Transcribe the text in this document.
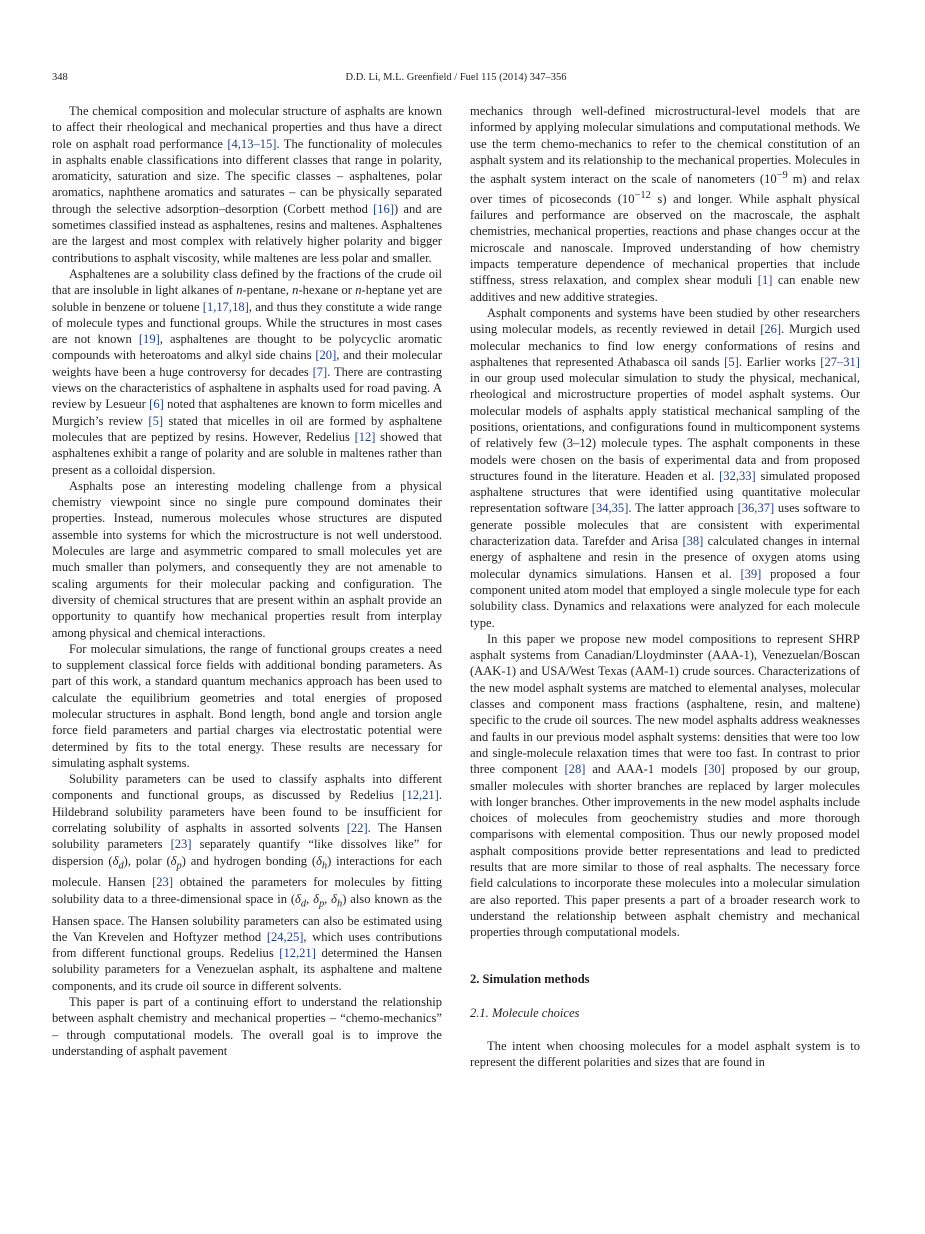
348	D.D. Li, M.L. Greenfield / Fuel 115 (2014) 347–356

The chemical composition and molecular structure of asphalts are known to affect their rheological and mechanical properties and thus have a direct role on asphalt road performance [4,13–15]. The functionality of molecules in asphalts enable classifications into different classes that range in polarity, aromaticity, saturation and size. The specific classes – asphaltenes, polar aromatics, naphthene aromatics and saturates – can be physically separated through the selective adsorption–desorption (Corbett method [16]) and are sometimes classified instead as asphaltenes, resins and maltenes. Asphaltenes are the largest and most complex with relatively higher polarity and bigger contributions to asphalt viscosity, while maltenes are less polar and smaller.

Asphaltenes are a solubility class defined by the fractions of the crude oil that are insoluble in light alkanes of n-pentane, n-hexane or n-heptane yet are soluble in benzene or toluene [1,17,18], and thus they constitute a wide range of molecule types and functional groups. While the structures in most cases are not known [19], asphaltenes are thought to be polycyclic aromatic compounds with heteroatoms and alkyl side chains [20], and their molecular weights have been a huge controversy for decades [7]. There are contrasting views on the characteristics of asphaltene in asphalts used for road paving. A review by Lesueur [6] noted that asphaltenes are known to form micelles and Murgich’s review [5] stated that micelles in oil are formed by asphaltene molecules that are peptized by resins. However, Redelius [12] showed that asphaltenes exhibit a range of polarity and are soluble in maltenes rather than present as a colloidal dispersion.

Asphalts pose an interesting modeling challenge from a physical chemistry viewpoint since no single pure compound dominates their properties. Instead, numerous molecules whose structures are disputed assemble into systems for which the microstructure is not well understood. Molecules are large and asymmetric compared to small molecules yet are much smaller than polymers, and consequently they are not amenable to scaling arguments for their molecular packing and configuration. The diversity of chemical structures that are present within an asphalt provide an opportunity to quantify how mechanical properties result from interplay among physical and chemical interactions.

For molecular simulations, the range of functional groups creates a need to supplement classical force fields with additional bonding parameters. As part of this work, a standard quantum mechanics approach has been used to calculate the equilibrium geometries and total energies of proposed molecular structures in asphalt. Bond length, bond angle and torsion angle force field parameters and partial charges via electrostatic potential were determined by fits to the total energy. These results are necessary for simulating asphalt systems.

Solubility parameters can be used to classify asphalts into different components and functional groups, as discussed by Redelius [12,21]. Hildebrand solubility parameters have been found to be insufficient for correlating solubility of asphalts in assorted solvents [22]. The Hansen solubility parameters [23] separately quantify “like dissolves like” for dispersion $(\delta_d)$, polar $(\delta_p)$ and hydrogen bonding $(\delta_h)$ interactions for each molecule. Hansen [23] obtained the parameters for molecules by fitting solubility data to a three-dimensional space in ($\delta_d$, $\delta_p$, $\delta_h$) also known as the Hansen space. The Hansen solubility parameters can also be estimated using the Van Krevelen and Hoftyzer method [24,25], which uses contributions from different functional groups. Redelius [12,21] determined the Hansen solubility parameters for a Venezuelan asphalt, its asphaltene and maltene components, and its crude oil source in different solvents.

This paper is part of a continuing effort to understand the relationship between asphalt chemistry and mechanical properties – “chemo-mechanics” – through computational models. The overall goal is to improve the understanding of asphalt pavement

mechanics through well-defined microstructural-level models that are informed by applying molecular simulations and computational methods. We use the term chemo-mechanics to refer to the chemical constitution of an asphalt system and its relationship to the mechanical properties. Molecules in the asphalt system interact on the scale of nanometers ($10^{-9}$ m) and relax over times of picoseconds ($10^{-12}$ s) and longer. While asphalt physical failures and performance are observed on the macroscale, the asphalt chemistries, mechanical properties, reactions and phase changes occur at the microscale and nanoscale. Improved understanding of how chemistry impacts temperature dependence of mechanical properties that include stiffness, stress relaxation, and complex shear moduli [1] can enable new additives and new additive strategies.

Asphalt components and systems have been studied by other researchers using molecular models, as recently reviewed in detail [26]. Murgich used molecular mechanics to find low energy conformations of resins and asphaltenes that represented Athabasca oil sands [5]. Earlier works [27–31] in our group used molecular simulation to study the physical, mechanical, rheological and microstructure properties of model asphalt systems. Our molecular models of asphalts apply statistical mechanical sampling of the positions, orientations, and configurations found in multicomponent systems of relatively few (3–12) molecule types. The asphalt components in these models were chosen on the basis of experimental data and from proposed structures found in the literature. Headen et al. [32,33] simulated proposed asphaltene structures that were identified using quantitative molecular representation software [34,35]. The latter approach [36,37] uses software to generate possible molecules that are consistent with experimental characterization data. Tarefder and Arisa [38] calculated changes in internal energy of asphaltene and resin in the presence of oxygen atoms using molecular dynamics simulations. Hansen et al. [39] proposed a four component united atom model that employed a single molecule type for each solubility class. Dynamics and relaxations were analyzed for each molecule type.

In this paper we propose new model compositions to represent SHRP asphalt systems from Canadian/Lloydminster (AAA-1), Venezuelan/Boscan (AAK-1) and USA/West Texas (AAM-1) crude sources. Characterizations of the new model asphalt systems are matched to elemental analyses, molecular classes and component mass fractions (asphaltene, resin, and maltene) specific to the crude oil sources. The new model asphalts address weaknesses and faults in our previous model asphalt systems: densities that were too low and single-molecule relaxation times that were too fast. In contrast to prior three component [28] and AAA-1 models [30] proposed by our group, smaller molecules with shorter branches are replaced by larger molecules with longer branches. Other improvements in the new model asphalts include choices of molecules from geochemistry studies and more thorough comparisons with elemental composition. Thus our newly proposed model asphalt compositions provide better representations and lead to predicted results that are more similar to those of real asphalts. The necessary force field calculations to incorporate these molecules into a molecular simulation are also reported. This paper presents a part of a broader research work to understand the relationship between asphalt chemistry and mechanical properties through computational models.

2. Simulation methods
2.1. Molecule choices

The intent when choosing molecules for a model asphalt system is to represent the different polarities and sizes that are found in
